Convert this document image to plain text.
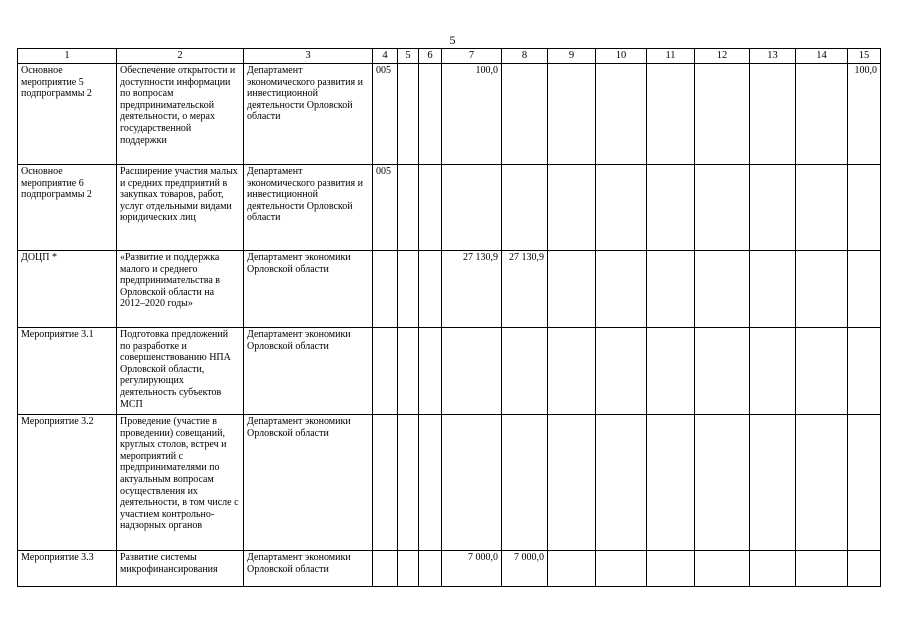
5
1	2	3	4	5	6	7	8	9	10	11	12	13	14	15
Основное мероприятие 5 подпрограммы 2	Обеспечение открытости и доступности информации по вопросам предпринимательской деятельности, о мерах государственной поддержки	Департамент экономического развития и инвестиционной деятельности Орловской области	005			100,0								100,0
Основное мероприятие 6 подпрограммы 2	Расширение участия малых и средних предприятий в закупках товаров, работ, услуг отдельными видами юридических лиц	Департамент экономического развития и инвестиционной деятельности Орловской области	005											
ДОЦП *	«Развитие и поддержка малого и среднего предпринимательства в Орловской области на 2012–2020 годы»	Департамент экономики Орловской области				27 130,9	27 130,9							
Мероприятие 3.1	Подготовка предложений по разработке и совершенствованию НПА Орловской области, регулирующих деятельность субъектов МСП	Департамент экономики Орловской области												
Мероприятие 3.2	Проведение (участие в проведении) совещаний, круглых столов, встреч и мероприятий с предпринимателями по актуальным вопросам осуществления их деятельности, в том числе с участием контрольно-надзорных органов	Департамент экономики Орловской области												
Мероприятие 3.3	Развитие системы микрофинансирования	Департамент экономики Орловской области				7 000,0	7 000,0							
